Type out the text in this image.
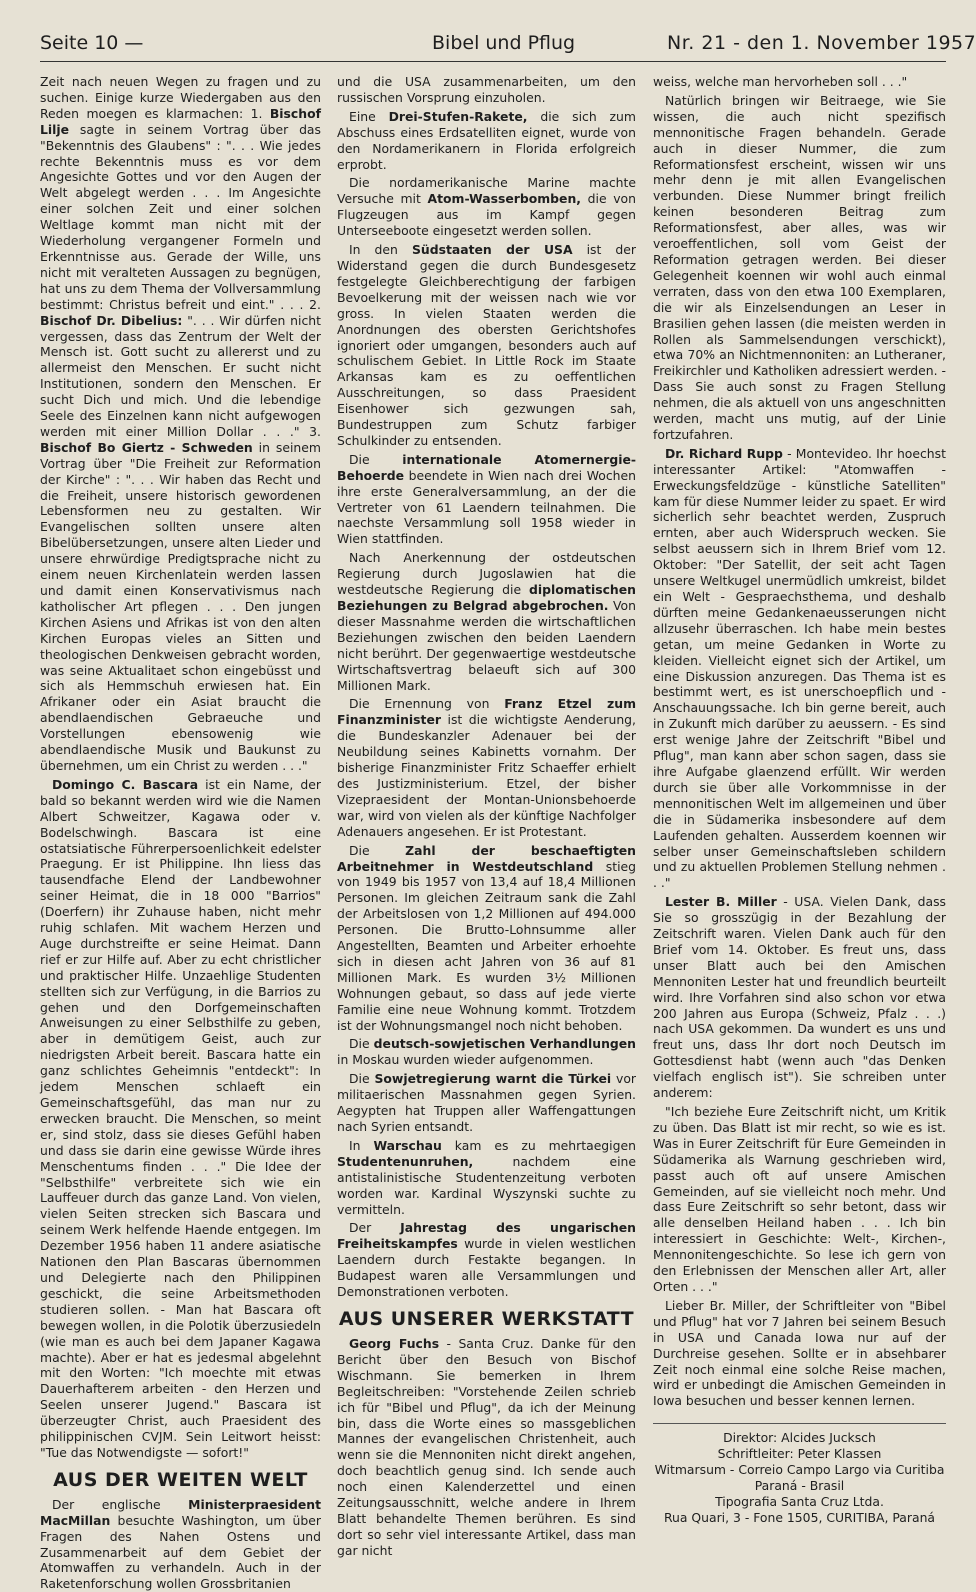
Seite 10 —	Bibel und Pflug	Nr. 21 - den 1. November 1957

Zeit nach neuen Wegen zu fragen und zu suchen. Einige kurze Wiedergaben aus den Reden moegen es klarmachen: 1. Bischof Lilje sagte in seinem Vortrag über das "Bekenntnis des Glaubens" : ". . . Wie jedes rechte Bekenntnis muss es vor dem Angesichte Gottes und vor den Augen der Welt abgelegt werden . . . Im Angesichte einer solchen Zeit und einer solchen Weltlage kommt man nicht mit der Wiederholung vergangener Formeln und Erkenntnisse aus. Gerade der Wille, uns nicht mit veralteten Aussagen zu begnügen, hat uns zu dem Thema der Vollversammlung bestimmt: Christus befreit und eint." . . . 2. Bischof Dr. Dibelius: ". . . Wir dürfen nicht vergessen, dass das Zentrum der Welt der Mensch ist. Gott sucht zu allererst und zu allermeist den Menschen. Er sucht nicht Institutionen, sondern den Menschen. Er sucht Dich und mich. Und die lebendige Seele des Einzelnen kann nicht aufgewogen werden mit einer Million Dollar . . ." 3. Bischof Bo Giertz - Schweden in seinem Vortrag über "Die Freiheit zur Reformation der Kirche" : ". . . Wir haben das Recht und die Freiheit, unsere historisch gewordenen Lebensformen neu zu gestalten. Wir Evangelischen sollten unsere alten Bibelübersetzungen, unsere alten Lieder und unsere ehrwürdige Predigtsprache nicht zu einem neuen Kirchenlatein werden lassen und damit einen Konservativismus nach katholischer Art pflegen . . . Den jungen Kirchen Asiens und Afrikas ist von den alten Kirchen Europas vieles an Sitten und theologischen Denkweisen gebracht worden, was seine Aktualitaet schon eingebüsst und sich als Hemmschuh erwiesen hat. Ein Afrikaner oder ein Asiat braucht die abendlaendischen Gebraeuche und Vorstellungen ebensowenig wie abendlaendische Musik und Baukunst zu übernehmen, um ein Christ zu werden . . ."

Domingo C. Bascara ist ein Name, der bald so bekannt werden wird wie die Namen Albert Schweitzer, Kagawa oder v. Bodelschwingh. Bascara ist eine ostatsiatische Führerpersoenlichkeit edelster Praegung. Er ist Philippine. Ihn liess das tausendfache Elend der Landbewohner seiner Heimat, die in 18 000 "Barrios" (Doerfern) ihr Zuhause haben, nicht mehr ruhig schlafen. Mit wachem Herzen und Auge durchstreifte er seine Heimat. Dann rief er zur Hilfe auf. Aber zu echt christlicher und praktischer Hilfe. Unzaehlige Studenten stellten sich zur Verfügung, in die Barrios zu gehen und den Dorfgemeinschaften Anweisungen zu einer Selbsthilfe zu geben, aber in demütigem Geist, auch zur niedrigsten Arbeit bereit. Bascara hatte ein ganz schlichtes Geheimnis "entdeckt": In jedem Menschen schlaeft ein Gemeinschaftsgefühl, das man nur zu erwecken braucht. Die Menschen, so meint er, sind stolz, dass sie dieses Gefühl haben und dass sie darin eine gewisse Würde ihres Menschentums finden . . ." Die Idee der "Selbsthilfe" verbreitete sich wie ein Lauffeuer durch das ganze Land. Von vielen, vielen Seiten strecken sich Bascara und seinem Werk helfende Haende entgegen. Im Dezember 1956 haben 11 andere asiatische Nationen den Plan Bascaras übernommen und Delegierte nach den Philippinen geschickt, die seine Arbeitsmethoden studieren sollen. - Man hat Bascara oft bewegen wollen, in die Polotik überzusiedeln (wie man es auch bei dem Japaner Kagawa machte). Aber er hat es jedesmal abgelehnt mit den Worten: "Ich moechte mit etwas Dauerhafterem arbeiten - den Herzen und Seelen unserer Jugend." Bascara ist überzeugter Christ, auch Praesident des philippinischen CVJM. Sein Leitwort heisst: "Tue das Notwendigste — sofort!"

AUS DER WEITEN WELT

Der englische Ministerpraesident MacMillan besuchte Washington, um über Fragen des Nahen Ostens und Zusammenarbeit auf dem Gebiet der Atomwaffen zu verhandeln. Auch in der Raketenforschung wollen Grossbritanien

und die USA zusammenarbeiten, um den russischen Vorsprung einzuholen.

Eine Drei-Stufen-Rakete, die sich zum Abschuss eines Erdsatelliten eignet, wurde von den Nordamerikanern in Florida erfolgreich erprobt.

Die nordamerikanische Marine machte Versuche mit Atom-Wasserbomben, die von Flugzeugen aus im Kampf gegen Unterseeboote eingesetzt werden sollen.

In den Südstaaten der USA ist der Widerstand gegen die durch Bundesgesetz festgelegte Gleichberechtigung der farbigen Bevoelkerung mit der weissen nach wie vor gross. In vielen Staaten werden die Anordnungen des obersten Gerichtshofes ignoriert oder umgangen, besonders auch auf schulischem Gebiet. In Little Rock im Staate Arkansas kam es zu oeffentlichen Ausschreitungen, so dass Praesident Eisenhower sich gezwungen sah, Bundestruppen zum Schutz farbiger Schulkinder zu entsenden.

Die	internationale Atomernergie-Behoerde beendete in Wien nach drei Wochen ihre erste Generalversammlung, an der die Vertreter von 61 Laendern teilnahmen. Die naechste Versammlung soll 1958 wieder in Wien stattfinden.

Nach Anerkennung der ostdeutschen Regierung durch Jugoslawien hat die westdeutsche Regierung die diplomatischen Beziehungen zu Belgrad abgebrochen. Von dieser Massnahme werden die wirtschaftlichen Beziehungen zwischen den beiden Laendern nicht berührt. Der gegenwaertige westdeutsche Wirtschaftsvertrag belaeuft sich auf 300 Millionen Mark.

Die Ernennung von Franz Etzel zum Finanzminister ist die wichtigste Aenderung, die Bundeskanzler Adenauer bei der Neubildung seines Kabinetts vornahm. Der bisherige Finanzminister Fritz Schaeffer erhielt des Justizministerium. Etzel, der bisher Vizepraesident der Montan-Unionsbehoerde war, wird von vielen als der künftige Nachfolger Adenauers angesehen. Er ist Protestant.

Die	Zahl der beschaeftigten Arbeitnehmer in Westdeutschland stieg von 1949 bis 1957 von 13,4 auf 18,4 Millionen Personen. Im gleichen Zeitraum sank die Zahl der Arbeitslosen von 1,2 Millionen auf 494.000 Personen. Die Brutto-Lohnsumme aller Angestellten, Beamten und Arbeiter erhoehte sich in diesen acht Jahren von 36 auf 81 Millionen Mark. Es wurden 3½ Millionen Wohnungen gebaut, so dass auf jede vierte Familie eine neue Wohnung kommt. Trotzdem ist der Wohnungsmangel noch nicht behoben.

Die deutsch-sowjetischen Verhandlungen in Moskau wurden wieder aufgenommen.

Die Sowjetregierung warnt die Türkei vor militaerischen Massnahmen gegen Syrien. Aegypten hat Truppen aller Waffengattungen nach Syrien entsandt.

In Warschau kam es zu mehrtaegigen Studentenunruhen,	nachdem eine antistalinistische Studentenzeitung verboten worden war. Kardinal Wyszynski suchte zu vermitteln.

Der Jahrestag des ungarischen Freiheitskampfes wurde in vielen westlichen Laendern durch Festakte begangen. In Budapest waren alle Versammlungen und Demonstrationen verboten.

AUS UNSERER WERKSTATT

Georg Fuchs - Santa Cruz. Danke für den Bericht über den Besuch von Bischof Wischmann. Sie bemerken in Ihrem Begleitschreiben: "Vorstehende Zeilen schrieb ich für "Bibel und Pflug", da ich der Meinung bin, dass die Worte eines so massgeblichen Mannes der evangelischen Christenheit, auch wenn sie die Mennoniten nicht direkt angehen, doch beachtlich genug sind. Ich sende auch noch einen Kalenderzettel und einen Zeitungsausschnitt, welche andere in Ihrem Blatt behandelte Themen berühren. Es sind dort so sehr viel interessante Artikel, dass man gar nicht

weiss, welche man hervorheben soll . . ."

Natürlich bringen wir Beitraege, wie Sie wissen, die auch nicht spezifisch mennonitische Fragen behandeln. Gerade auch in dieser Nummer, die zum Reformationsfest erscheint, wissen wir uns mehr denn je mit allen Evangelischen verbunden. Diese Nummer bringt freilich keinen besonderen Beitrag zum Reformationsfest, aber alles, was wir veroeffentlichen, soll vom Geist der Reformation getragen werden. Bei dieser Gelegenheit koennen wir wohl auch einmal verraten, dass von den etwa 100 Exemplaren, die wir als Einzelsendungen an Leser in Brasilien gehen lassen (die meisten werden in Rollen als Sammelsendungen verschickt), etwa 70% an Nichtmennoniten: an Lutheraner, Freikirchler und Katholiken adressiert werden. - Dass Sie auch sonst zu Fragen Stellung nehmen, die als aktuell von uns angeschnitten werden, macht uns mutig, auf der Linie fortzufahren.

Dr. Richard Rupp - Montevideo. Ihr hoechst interessanter Artikel: "Atomwaffen - Erweckungsfeldzüge - künstliche Satelliten" kam für diese Nummer leider zu spaet. Er wird sicherlich sehr beachtet werden, Zuspruch ernten, aber auch Widerspruch wecken. Sie selbst aeussern sich in Ihrem Brief vom 12. Oktober: "Der Satellit, der seit acht Tagen unsere Weltkugel unermüdlich umkreist, bildet ein Welt - Gespraechsthema, und deshalb dürften meine Gedankenaeusserungen nicht allzusehr überraschen. Ich habe mein bestes getan, um meine Gedanken in Worte zu kleiden. Vielleicht eignet sich der Artikel, um eine Diskussion anzuregen. Das Thema ist es bestimmt wert, es ist unerschoepflich und - Anschauungssache. Ich bin gerne bereit, auch in Zukunft mich darüber zu aeussern. - Es sind erst wenige Jahre der Zeitschrift "Bibel und Pflug", man kann aber schon sagen, dass sie ihre Aufgabe glaenzend erfüllt. Wir werden durch sie über alle Vorkommnisse in der mennonitischen Welt im allgemeinen und über die in Südamerika insbesondere auf dem Laufenden gehalten. Ausserdem koennen wir selber unser Gemeinschaftsleben schildern und zu aktuellen Problemen Stellung nehmen . . ."

Lester B. Miller - USA. Vielen Dank, dass Sie so grosszügig in der Bezahlung der Zeitschrift waren. Vielen Dank auch für den Brief vom 14. Oktober. Es freut uns, dass unser Blatt auch bei den Amischen Mennoniten Lester hat und freundlich beurteilt wird. Ihre Vorfahren sind also schon vor etwa 200 Jahren aus Europa (Schweiz, Pfalz . . .) nach USA gekommen. Da wundert es uns und freut uns, dass Ihr dort noch Deutsch im Gottesdienst habt (wenn auch "das Denken vielfach englisch ist"). Sie schreiben unter anderem:

"Ich beziehe Eure Zeitschrift nicht, um Kritik zu üben. Das Blatt ist mir recht, so wie es ist. Was in Eurer Zeitschrift für Eure Gemeinden in Südamerika als Warnung geschrieben wird, passt auch oft auf unsere Amischen Gemeinden, auf sie vielleicht noch mehr. Und dass Eure Zeitschrift so sehr betont, dass wir alle denselben Heiland haben . . . Ich bin interessiert in Geschichte: Welt-, Kirchen-, Mennonitengeschichte. So lese ich gern von den Erlebnissen der Menschen aller Art, aller Orten . . ."

Lieber Br. Miller, der Schriftleiter von "Bibel und Pflug" hat vor 7 Jahren bei seinem Besuch in USA und Canada Iowa nur auf der Durchreise gesehen. Sollte er in absehbarer Zeit noch einmal eine solche Reise machen, wird er unbedingt die Amischen Gemeinden in Iowa besuchen und besser kennen lernen.

Direktor: Alcides Jucksch
Schriftleiter: Peter Klassen
Witmarsum - Correio Campo Largo via Curitiba
Paraná - Brasil
Tipografia Santa Cruz Ltda.
Rua Quari, 3 - Fone 1505, CURITIBA, Paraná
